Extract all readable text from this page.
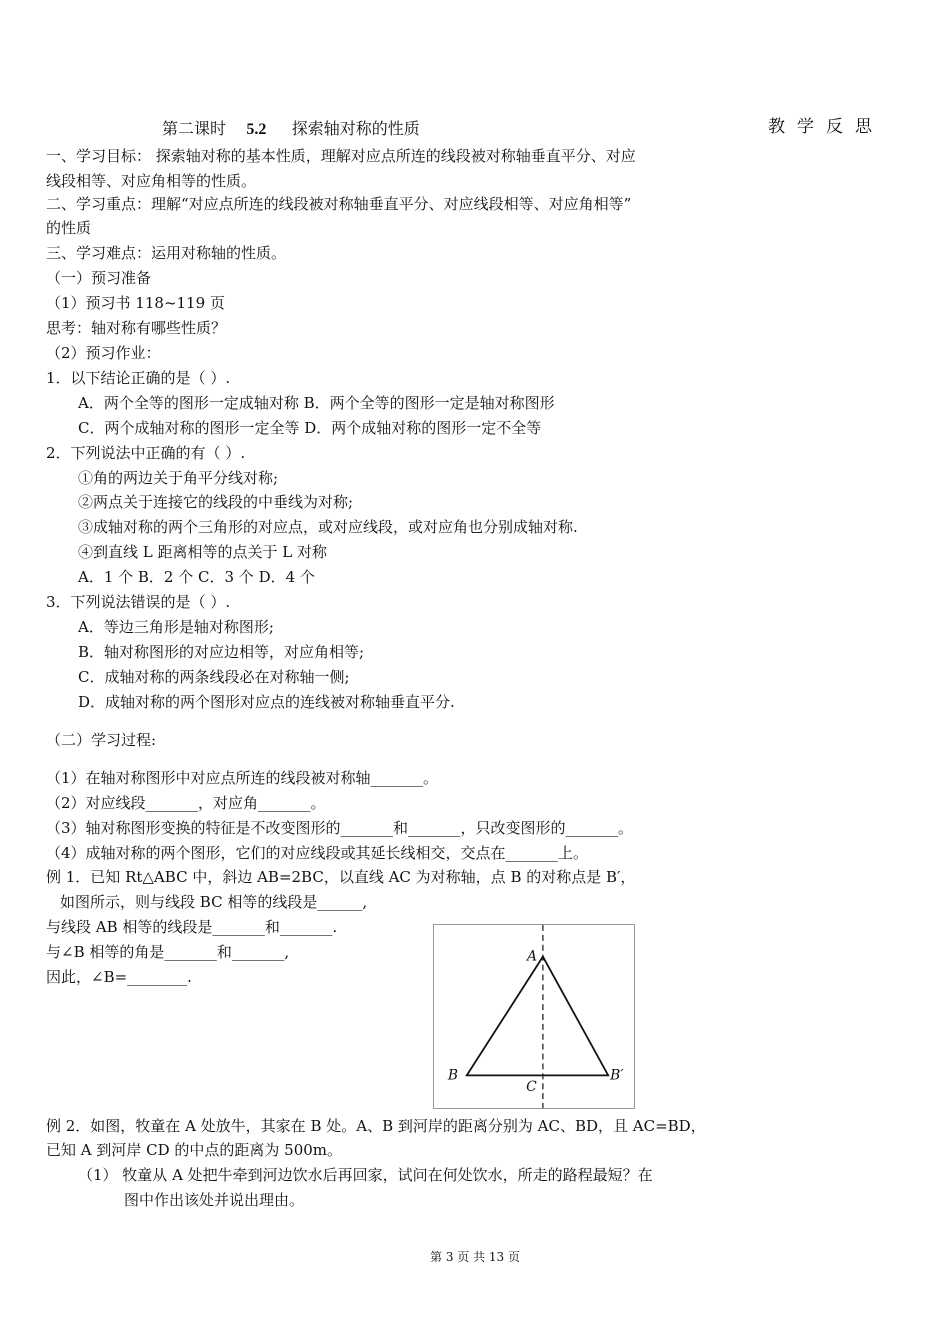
第二课时 5.2 探索轴对称的性质	教学反思
一、学习目标： 探索轴对称的基本性质，理解对应点所连的线段被对称轴垂直平分、对应
线段相等、对应角相等的性质。
二、学习重点：理解“对应点所连的线段被对称轴垂直平分、对应线段相等、对应角相等”
的性质
三、学习难点：运用对称轴的性质。
（一）预习准备
（1）预习书 118~119 页
思考：轴对称有哪些性质？
（2）预习作业：
1．以下结论正确的是（ ）.
A．两个全等的图形一定成轴对称 B．两个全等的图形一定是轴对称图形
C．两个成轴对称的图形一定全等 D．两个成轴对称的图形一定不全等
2．下列说法中正确的有（ ）.
①角的两边关于角平分线对称;
②两点关于连接它的线段的中垂线为对称;
③成轴对称的两个三角形的对应点，或对应线段，或对应角也分别成轴对称.
④到直线 L 距离相等的点关于 L 对称
A．1 个 B．2 个 C．3 个 D．4 个
3．下列说法错误的是（ ）.
A．等边三角形是轴对称图形;
B．轴对称图形的对应边相等，对应角相等;
C．成轴对称的两条线段必在对称轴一侧;
D．成轴对称的两个图形对应点的连线被对称轴垂直平分.
（二）学习过程:
（1）在轴对称图形中对应点所连的线段被对称轴_______。
（2）对应线段_______，对应角_______。
（3）轴对称图形变换的特征是不改变图形的_______和_______，只改变图形的_______。
（4）成轴对称的两个图形，它们的对应线段或其延长线相交，交点在_______上。
例 1．已知 Rt△ABC 中，斜边 AB=2BC，以直线 AC 为对称轴，点 B 的对称点是 B′，
如图所示，则与线段 BC 相等的线段是______,
与线段 AB 相等的线段是_______和_______.
与∠B 相等的角是_______和_______,
因此，∠B=________.
A
B
C
B′
例 2．如图，牧童在 A 处放牛，其家在 B 处。A、B 到河岸的距离分别为 AC、BD，且 AC=BD，
已知 A 到河岸 CD 的中点的距离为 500m。
（1） 牧童从 A 处把牛牵到河边饮水后再回家，试问在何处饮水，所走的路程最短？在
图中作出该处并说出理由。
第 3 页 共 13 页
